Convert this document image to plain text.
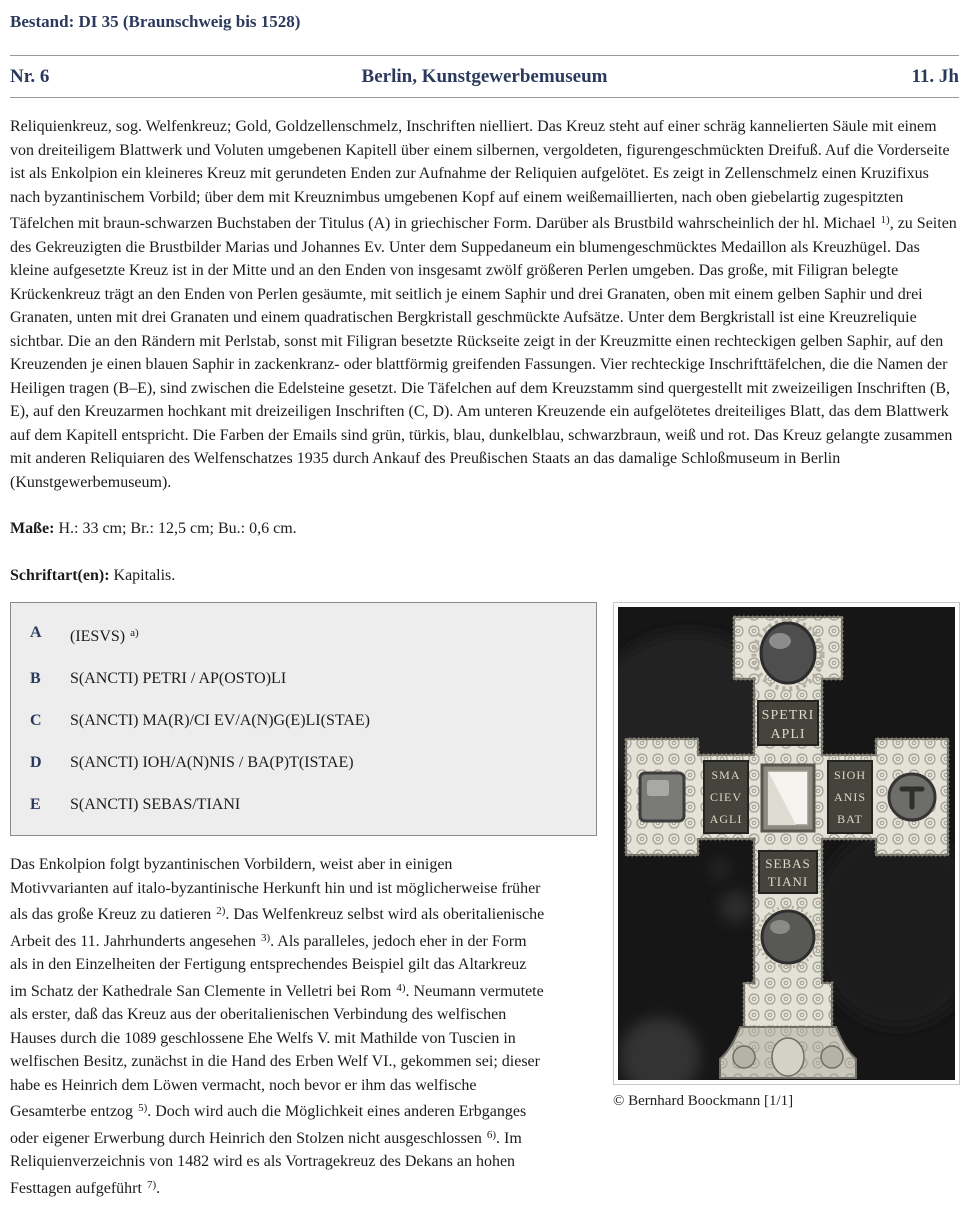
Bestand: DI 35 (Braunschweig bis 1528)

Nr. 6	Berlin, Kunstgewerbemuseum	11. Jh

Reliquienkreuz, sog. Welfenkreuz; Gold, Goldzellenschmelz, Inschriften nielliert. Das Kreuz steht auf einer schräg kannelierten Säule mit einem von dreiteiligem Blattwerk und Voluten umgebenen Kapitell über einem silbernen, vergoldeten, figurengeschmückten Dreifuß. Auf die Vorderseite ist als Enkolpion ein kleineres Kreuz mit gerundeten Enden zur Aufnahme der Reliquien aufgelötet. Es zeigt in Zellenschmelz einen Kruzifixus nach byzantinischem Vorbild; über dem mit Kreuznimbus umgebenen Kopf auf einem weißemaillierten, nach oben giebelartig zugespitzten Täfelchen mit braun-schwarzen Buchstaben der Titulus (A) in griechischer Form. Darüber als Brustbild wahrscheinlich der hl. Michael $^{1)}$, zu Seiten des Gekreuzigten die Brustbilder Marias und Johannes Ev. Unter dem Suppedaneum ein blumengeschmücktes Medaillon als Kreuzhügel. Das kleine aufgesetzte Kreuz ist in der Mitte und an den Enden von insgesamt zwölf größeren Perlen umgeben. Das große, mit Filigran belegte Krückenkreuz trägt an den Enden von Perlen gesäumte, mit seitlich je einem Saphir und drei Granaten, oben mit einem gelben Saphir und drei Granaten, unten mit drei Granaten und einem quadratischen Bergkristall geschmückte Aufsätze. Unter dem Bergkristall ist eine Kreuzreliquie sichtbar. Die an den Rändern mit Perlstab, sonst mit Filigran besetzte Rückseite zeigt in der Kreuzmitte einen rechteckigen gelben Saphir, auf den Kreuzenden je einen blauen Saphir in zackenkranz- oder blattförmig greifenden Fassungen. Vier rechteckige Inschrifttäfelchen, die die Namen der Heiligen tragen (B–E), sind zwischen die Edelsteine gesetzt. Die Täfelchen auf dem Kreuzstamm sind quergestellt mit zweizeiligen Inschriften (B, E), auf den Kreuzarmen hochkant mit dreizeiligen Inschriften (C, D). Am unteren Kreuzende ein aufgelötetes dreiteiliges Blatt, das dem Blattwerk auf dem Kapitell entspricht. Die Farben der Emails sind grün, türkis, blau, dunkelblau, schwarzbraun, weiß und rot. Das Kreuz gelangte zusammen mit anderen Reliquiaren des Welfenschatzes 1935 durch Ankauf des Preußischen Staats an das damalige Schloßmuseum in Berlin (Kunstgewerbemuseum).

Maße: H.: 33 cm; Br.: 12,5 cm; Bu.: 0,6 cm.

Schriftart(en): Kapitalis.

A	(IESVS) $^{a)}$
B	S(ANCTI) PETRI / AP(OSTO)LI
C	S(ANCTI) MA(R)/CI EV/A(N)G(E)LI(STAE)
D	S(ANCTI) IOH/A(N)NIS / BA(P)T(ISTAE)
E	S(ANCTI) SEBAS/TIANI

Das Enkolpion folgt byzantinischen Vorbildern, weist aber in einigen Motivvarianten auf italo-byzantinische Herkunft hin und ist möglicherweise früher als das große Kreuz zu datieren $^{2)}$. Das Welfenkreuz selbst wird als oberitalienische Arbeit des 11. Jahrhunderts angesehen $^{3)}$. Als paralleles, jedoch eher in der Form als in den Einzelheiten der Fertigung entsprechendes Beispiel gilt das Altarkreuz im Schatz der Kathedrale San Clemente in Velletri bei Rom $^{4)}$. Neumann vermutete als erster, daß das Kreuz aus der oberitalienischen Verbindung des welfischen Hauses durch die 1089 geschlossene Ehe Welfs V. mit Mathilde von Tuscien in welfischen Besitz, zunächst in die Hand des Erben Welf VI., gekommen sei; dieser habe es Heinrich dem Löwen vermacht, noch bevor er ihm das welfische Gesamterbe entzog $^{5)}$. Doch wird auch die Möglichkeit eines anderen Erbganges oder eigener Erwerbung durch Heinrich den Stolzen nicht ausgeschlossen $^{6)}$. Im Reliquienverzeichnis von 1482 wird es als Vortragekreuz des Dekans an hohen Festtagen aufgeführt $^{7)}$.

SPETRI
APLI
SMA
CIEV
AGLI
SIOH
ANIS
BAT
SEBAS
TIANI

© Bernhard Boockmann [1/1]
